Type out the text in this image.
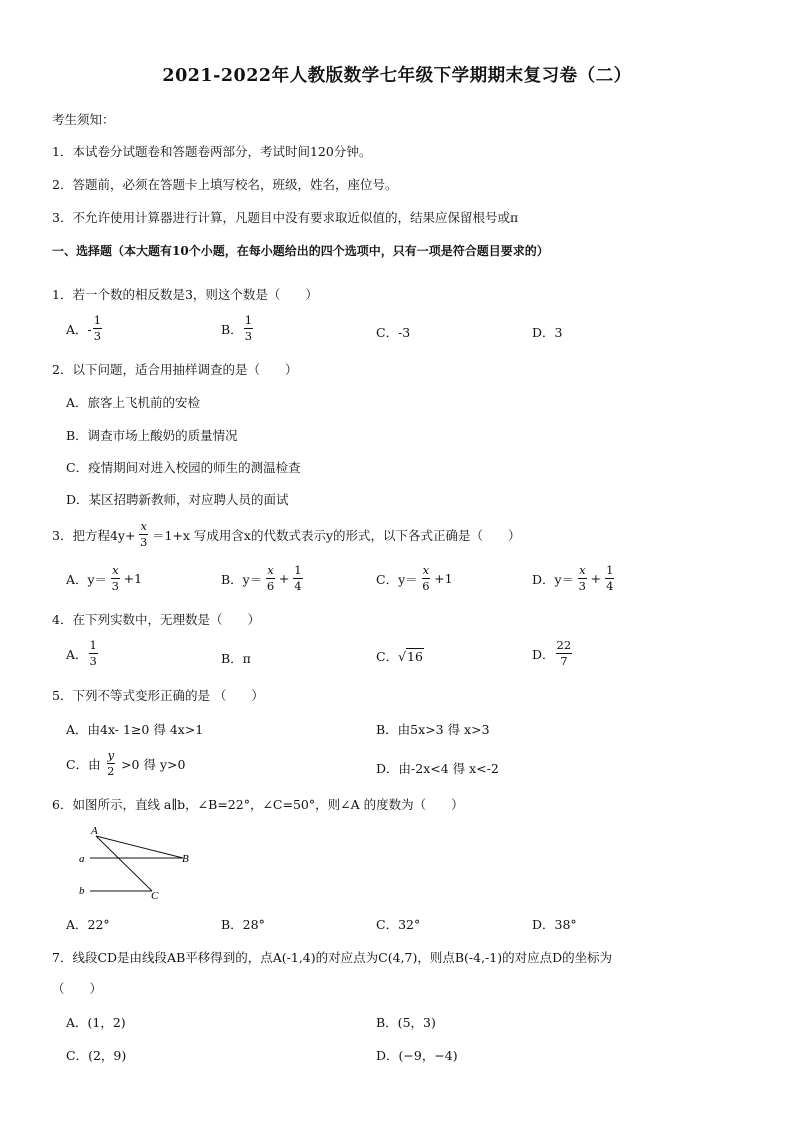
2021-2022年人教版数学七年级下学期期末复习卷（二）
考生须知：
1．本试卷分试题卷和答题卷两部分，考试时间120分钟。
2．答题前，必须在答题卡上填写校名，班级，姓名，座位号。
3．不允许使用计算器进行计算，凡题目中没有要求取近似值的，结果应保留根号或π
一、选择题（本大题有10个小题，在每小题给出的四个选项中，只有一项是符合题目要求的）
1．若一个数的相反数是3，则这个数是（　　）
A．- $\frac{1}{3}$	B． $\frac{1}{3}$	C．-3	D．3
2．以下问题，适合用抽样调查的是（　　）
A．旅客上飞机前的安检
B．调查市场上酸奶的质量情况
C．疫情期间对进入校园的师生的测温检查
D．某区招聘新教师，对应聘人员的面试
3．把方程$4y+ \frac{x}{3} =1+x$ 写成用含x的代数式表示y的形式，以下各式正确是（　　）
A．$y= \frac{x}{3} +1$	B．$y= \frac{x}{6} + \frac{1}{4}$	C．$y= \frac{x}{6} +1$	D．$y= \frac{x}{3} + \frac{1}{4}$
4．在下列实数中，无理数是（　　）
A． $\frac{1}{3}$	B．π	C． √16	D． $\frac{22}{7}$
5．下列不等式变形正确的是 （　　）
A．由4x- 1≥0 得 4x>1	B．由5x>3 得 x>3
C．由 $\frac{y}{2} >0$ 得 y>0	D．由-2x<4 得 x<-2
6．如图所示，直线 a∥b，∠B=22°，∠C=50°，则∠A 的度数为（　　）
A
B
C
a
b
A．22°	B．28°	C．32°	D．38°
7．线段CD是由线段AB平移得到的，点A(-1,4)的对应点为C(4,7)，则点B(-4,-1)的对应点D的坐标为
（　　）
A．(1，2)	B．(5，3)
C．(2，9)	D．(−9，−4)
